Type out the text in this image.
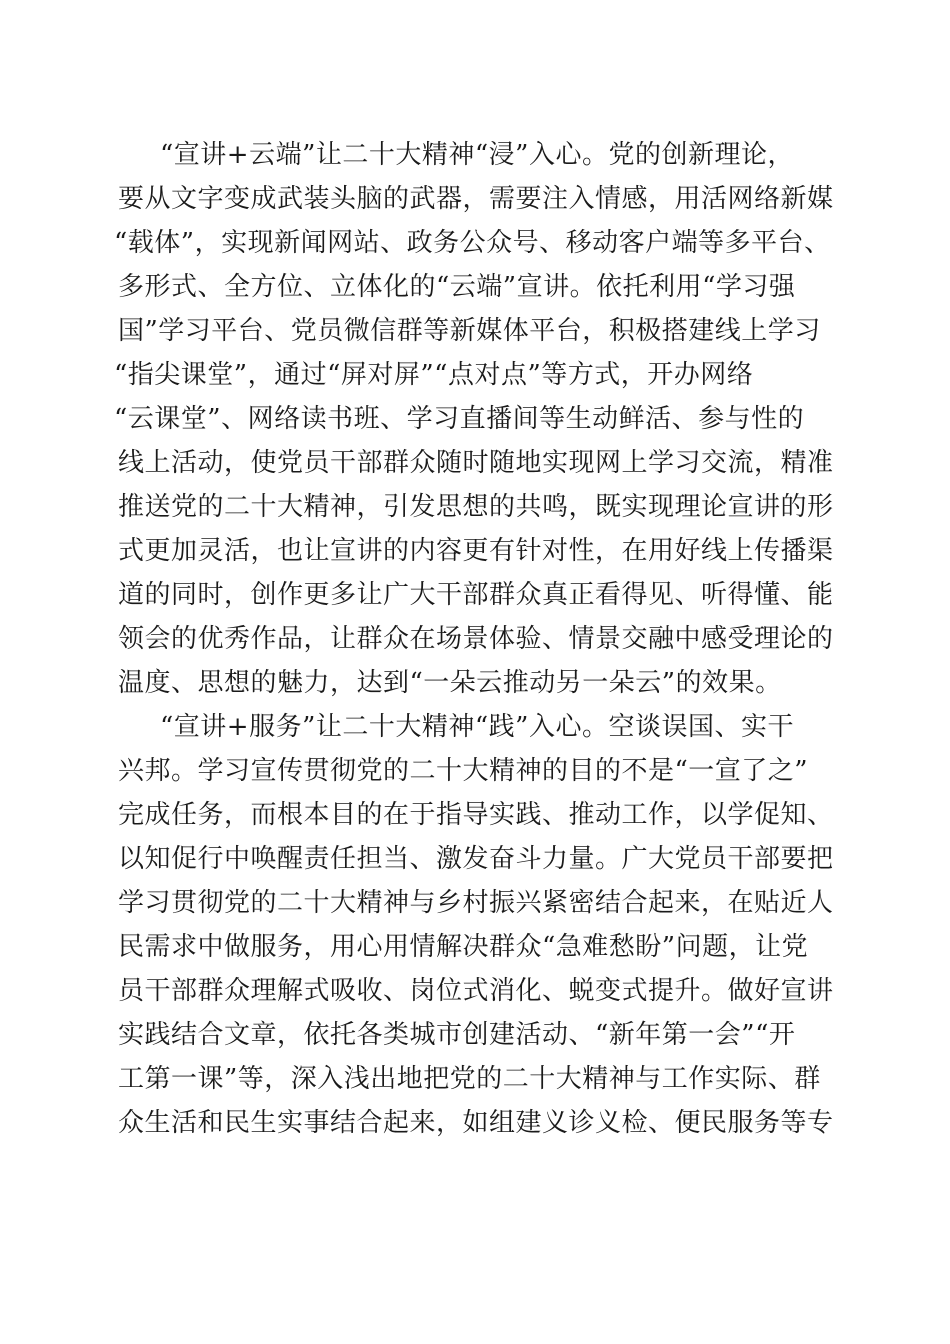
“宣讲+云端”让二十大精神“浸”入心。党的创新理论，
要从文字变成武装头脑的武器，需要注入情感，用活网络新媒
“载体”，实现新闻网站、政务公众号、移动客户端等多平台、
多形式、全方位、立体化的“云端”宣讲。依托利用“学习强
国”学习平台、党员微信群等新媒体平台，积极搭建线上学习
“指尖课堂”，通过“屏对屏”“点对点”等方式，开办网络
“云课堂”、网络读书班、学习直播间等生动鲜活、参与性的
线上活动，使党员干部群众随时随地实现网上学习交流，精准
推送党的二十大精神，引发思想的共鸣，既实现理论宣讲的形
式更加灵活，也让宣讲的内容更有针对性，在用好线上传播渠
道的同时，创作更多让广大干部群众真正看得见、听得懂、能
领会的优秀作品，让群众在场景体验、情景交融中感受理论的
温度、思想的魅力，达到“一朵云推动另一朵云”的效果。
“宣讲+服务”让二十大精神“践”入心。空谈误国、实干
兴邦。学习宣传贯彻党的二十大精神的目的不是“一宣了之”
完成任务，而根本目的在于指导实践、推动工作，以学促知、
以知促行中唤醒责任担当、激发奋斗力量。广大党员干部要把
学习贯彻党的二十大精神与乡村振兴紧密结合起来，在贴近人
民需求中做服务，用心用情解决群众“急难愁盼”问题，让党
员干部群众理解式吸收、岗位式消化、蜕变式提升。做好宣讲
实践结合文章，依托各类城市创建活动、“新年第一会”“开
工第一课”等，深入浅出地把党的二十大精神与工作实际、群
众生活和民生实事结合起来，如组建义诊义检、便民服务等专
